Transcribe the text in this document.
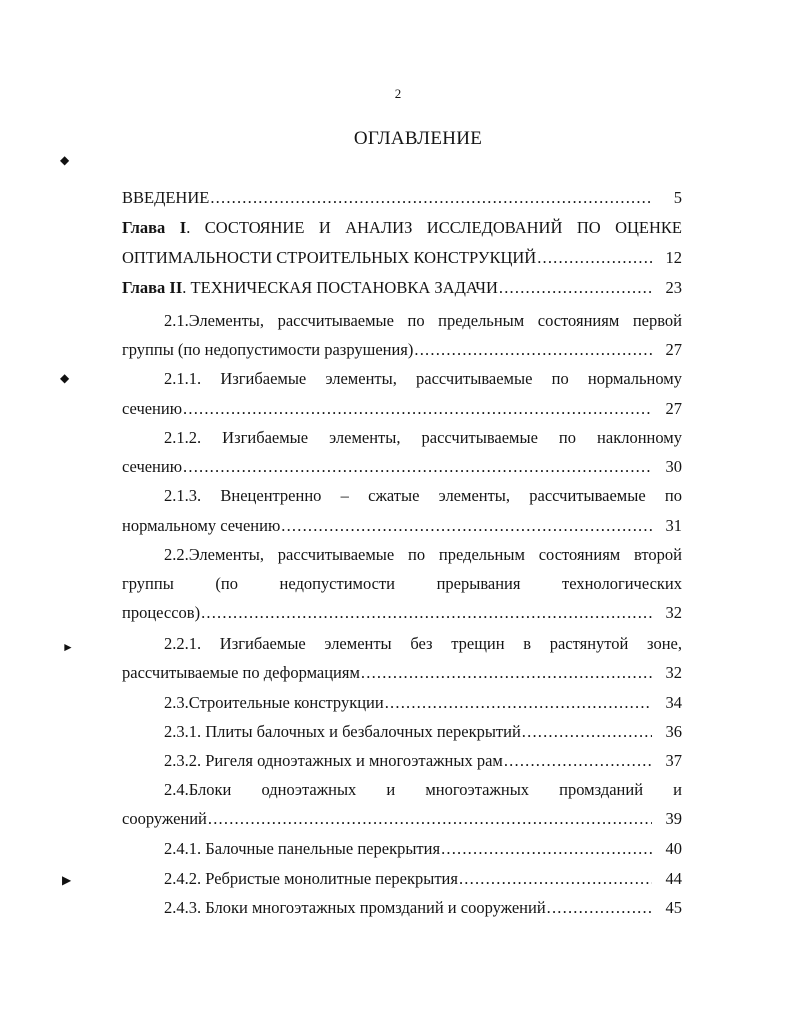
2
ОГЛАВЛЕНИЕ
◆
◆
►
▶
ВВЕДЕНИЕ .....	5
Глава I. СОСТОЯНИЕ И АНАЛИЗ ИССЛЕДОВАНИЙ ПО ОЦЕНКЕ
ОПТИМАЛЬНОСТИ СТРОИТЕЛЬНЫХ КОНСТРУКЦИЙ .....	12
Глава II. ТЕХНИЧЕСКАЯ ПОСТАНОВКА ЗАДАЧИ .....	23
2.1.Элементы, рассчитываемые по предельным состояниям первой
группы (по недопустимости разрушения) .....	27
2.1.1. Изгибаемые элементы, рассчитываемые по нормальному
сечению .....	27
2.1.2. Изгибаемые элементы, рассчитываемые по наклонному
сечению .....	30
2.1.3. Внецентренно – сжатые элементы, рассчитываемые по
нормальному сечению .....	31
2.2.Элементы, рассчитываемые по предельным состояниям второй
группы (по недопустимости прерывания технологических
процессов) .....	32
2.2.1. Изгибаемые элементы без трещин в растянутой зоне,
рассчитываемые по деформациям .....	32
2.3.Строительные конструкции .....	34
2.3.1. Плиты балочных и безбалочных перекрытий .....	36
2.3.2. Ригеля одноэтажных и многоэтажных рам .....	37
2.4.Блоки одноэтажных и многоэтажных промзданий и
сооружений .....	39
2.4.1. Балочные панельные перекрытия .....	40
2.4.2. Ребристые монолитные перекрытия .....	44
2.4.3. Блоки многоэтажных промзданий и сооружений .....	45
